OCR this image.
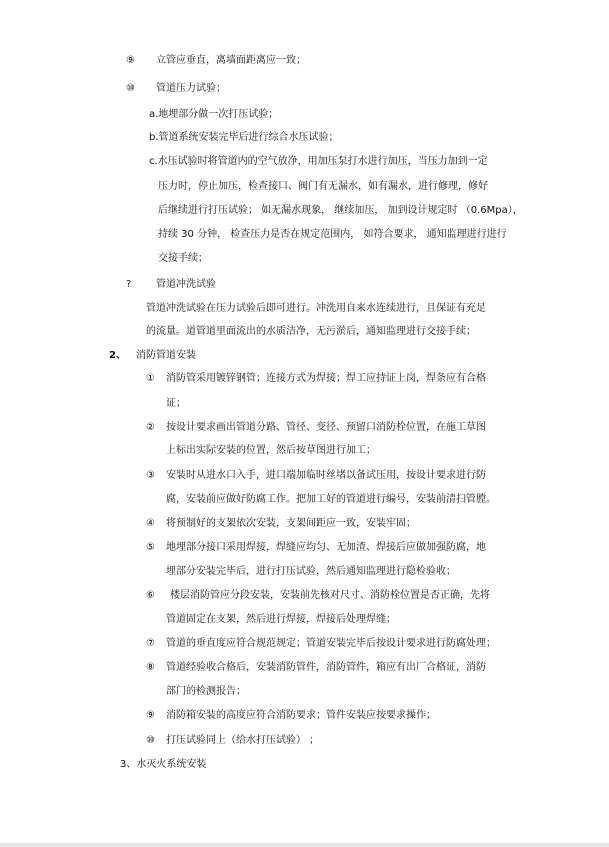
⑨ 立管应垂直，离墙面距离应一致；
⑩ 管道压力试验；
a.地埋部分做一次打压试验；
b.管道系统安装完毕后进行综合水压试验；
c.水压试验时将管道内的空气放净，用加压泵打水进行加压，当压力加到一定
压力时，停止加压，检查接口、阀门有无漏水，如有漏水，进行修理，修好
后继续进行打压试验； 如无漏水现象， 继续加压， 加到设计规定时 （0.6Mpa），
持续 30 分钟， 检查压力是否在规定范围内， 如符合要求， 通知监理进行进行
交接手续；
? 管道冲洗试验
管道冲洗试验在压力试验后即可进行。冲洗用自来水连续进行，且保证有充足
的流量。道管道里面流出的水质洁净，无污淤后，通知监理进行交接手续；
2、 消防管道安装
① 消防管采用镀锌钢管；连接方式为焊接；焊工应持证上岗，焊条应有合格
证；
② 按设计要求画出管道分路、管径、变径、预留口消防栓位置，在施工草图
上标出实际安装的位置，然后按草图进行加工；
③ 安装时从进水口入手，进口端加临时丝堵以备试压用，按设计要求进行防
腐，安装前应做好防腐工作。把加工好的管道进行编号，安装前清扫管膛。
④ 将预制好的支架依次安装，支架间距应一致，安装牢固；
⑤ 地埋部分接口采用焊接，焊缝应均匀、无加渣、焊接后应做加强防腐，地
埋部分安装完毕后，进行打压试验，然后通知监理进行隐检验收；
⑥ 楼层消防管应分段安装，安装前先核对尺寸、消防栓位置是否正确，先将
管道固定在支架，然后进行焊接，焊接后处理焊缝；
⑦ 管道的垂直度应符合规范规定；管道安装完毕后按设计要求进行防腐处理；
⑧ 管道经验收合格后，安装消防管件，消防管件，箱应有出厂合格证，消防
部门的检测报告；
⑨ 消防箱安装的高度应符合消防要求；管件安装应按要求操作；
⑩ 打压试验同上（给水打压试验） ；
3、水灭火系统安装
